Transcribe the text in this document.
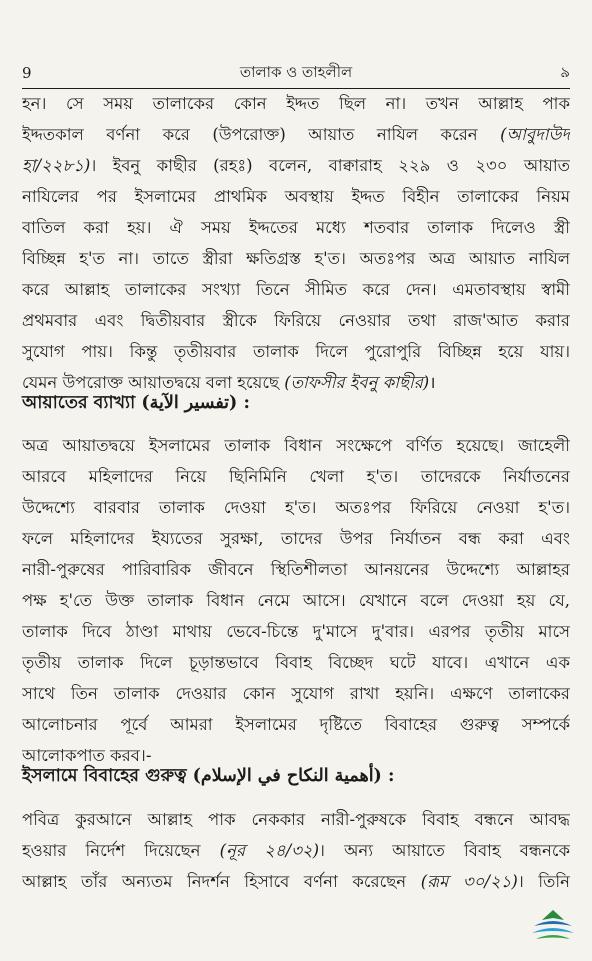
9	তালাক ও তাহলীল	৯
হন। সে সময় তালাকের কোন ইদ্দত ছিল না। তখন আল্লাহ পাক
ইদ্দতকাল বর্ণনা করে (উপরোক্ত) আয়াত নাযিল করেন (আবুদাউদ
হা/২২৮১)। ইবনু কাছীর (রহঃ) বলেন, বাক্বারাহ ২২৯ ও ২৩০ আয়াত
নাযিলের পর ইসলামের প্রাথমিক অবস্থায় ইদ্দত বিহীন তালাকের নিয়ম
বাতিল করা হয়। ঐ সময় ইদ্দতের মধ্যে শতবার তালাক দিলেও স্ত্রী
বিচ্ছিন্ন হ'ত না। তাতে স্ত্রীরা ক্ষতিগ্রস্ত হ'ত। অতঃপর অত্র আয়াত নাযিল
করে আল্লাহ তালাকের সংখ্যা তিনে সীমিত করে দেন। এমতাবস্থায় স্বামী
প্রথমবার এবং দ্বিতীয়বার স্ত্রীকে ফিরিয়ে নেওয়ার তথা রাজ'আত করার
সুযোগ পায়। কিন্তু তৃতীয়বার তালাক দিলে পুরোপুরি বিচ্ছিন্ন হয়ে যায়।
যেমন উপরোক্ত আয়াতদ্বয়ে বলা হয়েছে (তাফসীর ইবনু কাছীর)।
আয়াতের ব্যাখ্যা (تفسير الآية) :
অত্র আয়াতদ্বয়ে ইসলামের তালাক বিধান সংক্ষেপে বর্ণিত হয়েছে। জাহেলী
আরবে মহিলাদের নিয়ে ছিনিমিনি খেলা হ'ত। তাদেরকে নির্যাতনের
উদ্দেশ্যে বারবার তালাক দেওয়া হ'ত। অতঃপর ফিরিয়ে নেওয়া হ'ত।
ফলে মহিলাদের ইয্যতের সুরক্ষা, তাদের উপর নির্যাতন বন্ধ করা এবং
নারী-পুরুষের পারিবারিক জীবনে স্থিতিশীলতা আনয়নের উদ্দেশ্যে আল্লাহর
পক্ষ হ'তে উক্ত তালাক বিধান নেমে আসে। যেখানে বলে দেওয়া হয় যে,
তালাক দিবে ঠাণ্ডা মাথায় ভেবে-চিন্তে দু'মাসে দু'বার। এরপর তৃতীয় মাসে
তৃতীয় তালাক দিলে চূড়ান্তভাবে বিবাহ বিচ্ছেদ ঘটে যাবে। এখানে এক
সাথে তিন তালাক দেওয়ার কোন সুযোগ রাখা হয়নি। এক্ষণে তালাকের
আলোচনার পূর্বে আমরা ইসলামের দৃষ্টিতে বিবাহের গুরুত্ব সম্পর্কে
আলোকপাত করব।-
ইসলামে বিবাহের গুরুত্ব (أهمية النكاح في الإسلام) :
পবিত্র কুরআনে আল্লাহ পাক নেককার নারী-পুরুষকে বিবাহ বন্ধনে আবদ্ধ
হওয়ার নির্দেশ দিয়েছেন (নূর ২৪/৩২)। অন্য আয়াতে বিবাহ বন্ধনকে
আল্লাহ তাঁর অন্যতম নিদর্শন হিসাবে বর্ণনা করেছেন (রূম ৩০/২১)। তিনি
